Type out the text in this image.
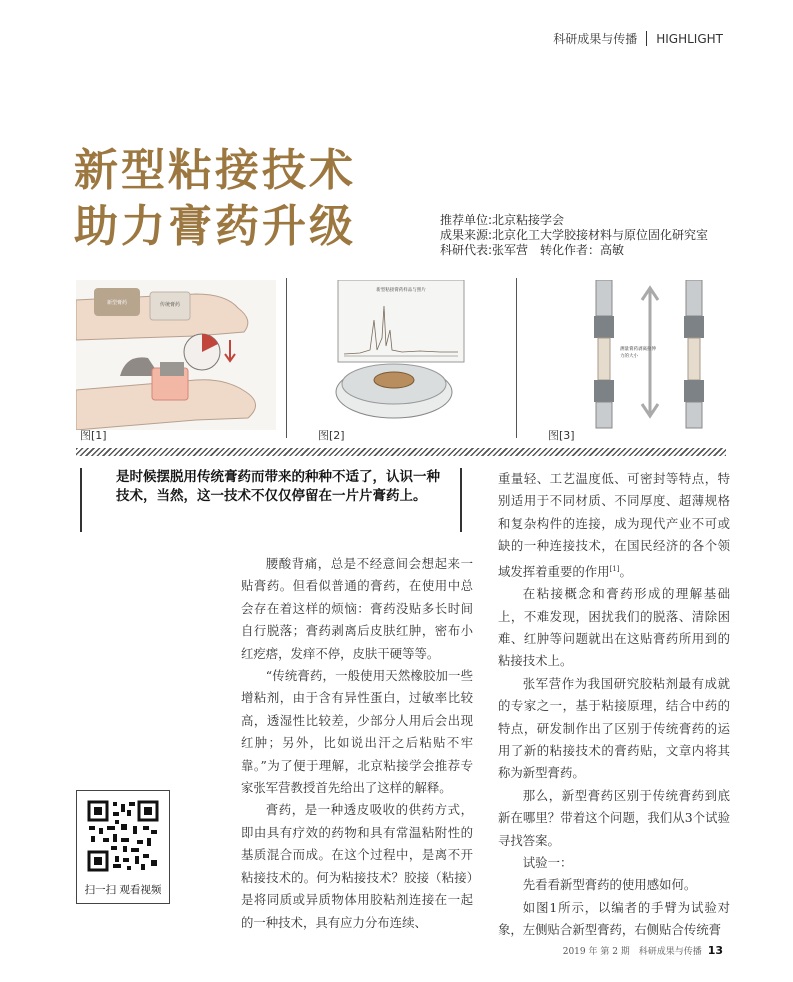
科研成果与传播 HIGHLIGHT
新型粘接技术
助力膏药升级	推荐单位:北京粘接学会
成果来源:北京化工大学胶接材料与原位固化研究室
科研代表:张军营　转化作者：高敏
新型膏药	传统膏药
图[1]
新型粘接膏药样品与照片
图[2]
测量膏药剥离拉伸
力的大小
图[3]
是时候摆脱用传统膏药而带来的种种不适了，认识一种技术，当然，这一技术不仅仅停留在一片片膏药上。

腰酸背痛，总是不经意间会想起来一贴膏药。但看似普通的膏药，在使用中总会存在着这样的烦恼：膏药没贴多长时间自行脱落；膏药剥离后皮肤红肿，密布小红疙瘩，发痒不停，皮肤干硬等等。

“传统膏药，一般使用天然橡胶加一些增粘剂，由于含有异性蛋白，过敏率比较高，透湿性比较差，少部分人用后会出现红肿；另外，比如说出汗之后粘贴不牢靠。”为了便于理解，北京粘接学会推荐专家张军营教授首先给出了这样的解释。

膏药，是一种透皮吸收的供药方式，即由具有疗效的药物和具有常温粘附性的基质混合而成。在这个过程中，是离不开粘接技术的。何为粘接技术？胶接（粘接）是将同质或异质物体用胶粘剂连接在一起的一种技术，具有应力分布连续、

重量轻、工艺温度低、可密封等特点，特别适用于不同材质、不同厚度、超薄规格和复杂构件的连接，成为现代产业不可或缺的一种连接技术，在国民经济的各个领域发挥着重要的作用[1]。

在粘接概念和膏药形成的理解基础上，不难发现，困扰我们的脱落、清除困难、红肿等问题就出在这贴膏药所用到的粘接技术上。

张军营作为我国研究胶粘剂最有成就的专家之一，基于粘接原理，结合中药的特点，研发制作出了区别于传统膏药的运用了新的粘接技术的膏药贴，文章内将其称为新型膏药。

那么，新型膏药区别于传统膏药到底新在哪里？带着这个问题，我们从3个试验寻找答案。

试验一：

先看看新型膏药的使用感如何。

如图1所示，以编者的手臂为试验对象，左侧贴合新型膏药，右侧贴合传统膏

扫一扫 观看视频
2019 年 第 2 期　科研成果与传播 13
